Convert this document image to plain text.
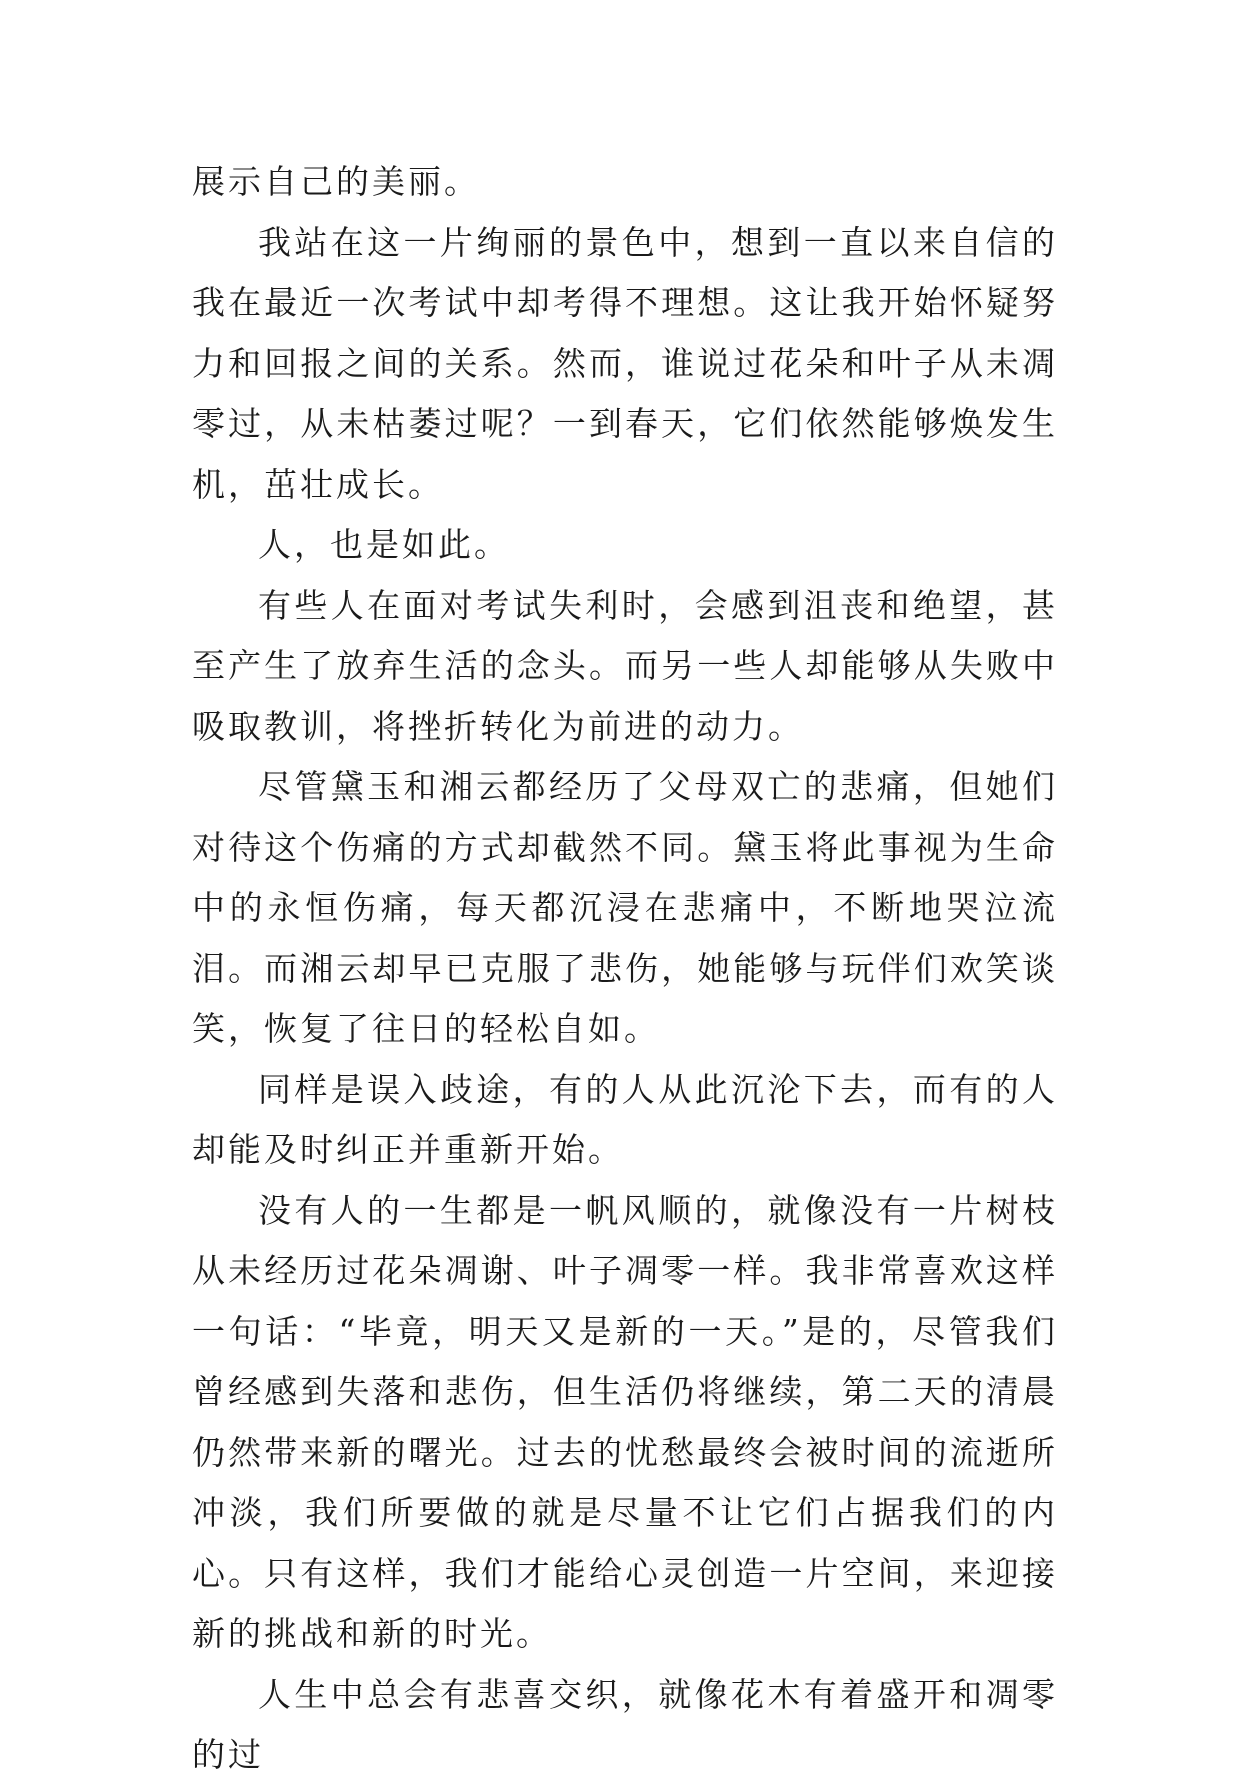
展示自己的美丽。

我站在这一片绚丽的景色中，想到一直以来自信的我在最近一次考试中却考得不理想。这让我开始怀疑努力和回报之间的关系。然而，谁说过花朵和叶子从未凋零过，从未枯萎过呢？一到春天，它们依然能够焕发生机，茁壮成长。

人，也是如此。

有些人在面对考试失利时，会感到沮丧和绝望，甚至产生了放弃生活的念头。而另一些人却能够从失败中吸取教训，将挫折转化为前进的动力。

尽管黛玉和湘云都经历了父母双亡的悲痛，但她们对待这个伤痛的方式却截然不同。黛玉将此事视为生命中的永恒伤痛，每天都沉浸在悲痛中，不断地哭泣流泪。而湘云却早已克服了悲伤，她能够与玩伴们欢笑谈笑，恢复了往日的轻松自如。

同样是误入歧途，有的人从此沉沦下去，而有的人却能及时纠正并重新开始。

没有人的一生都是一帆风顺的，就像没有一片树枝从未经历过花朵凋谢、叶子凋零一样。我非常喜欢这样一句话：“毕竟，明天又是新的一天。”是的，尽管我们曾经感到失落和悲伤，但生活仍将继续，第二天的清晨仍然带来新的曙光。过去的忧愁最终会被时间的流逝所冲淡，我们所要做的就是尽量不让它们占据我们的内心。只有这样，我们才能给心灵创造一片空间，来迎接新的挑战和新的时光。

人生中总会有悲喜交织，就像花木有着盛开和凋零的过
